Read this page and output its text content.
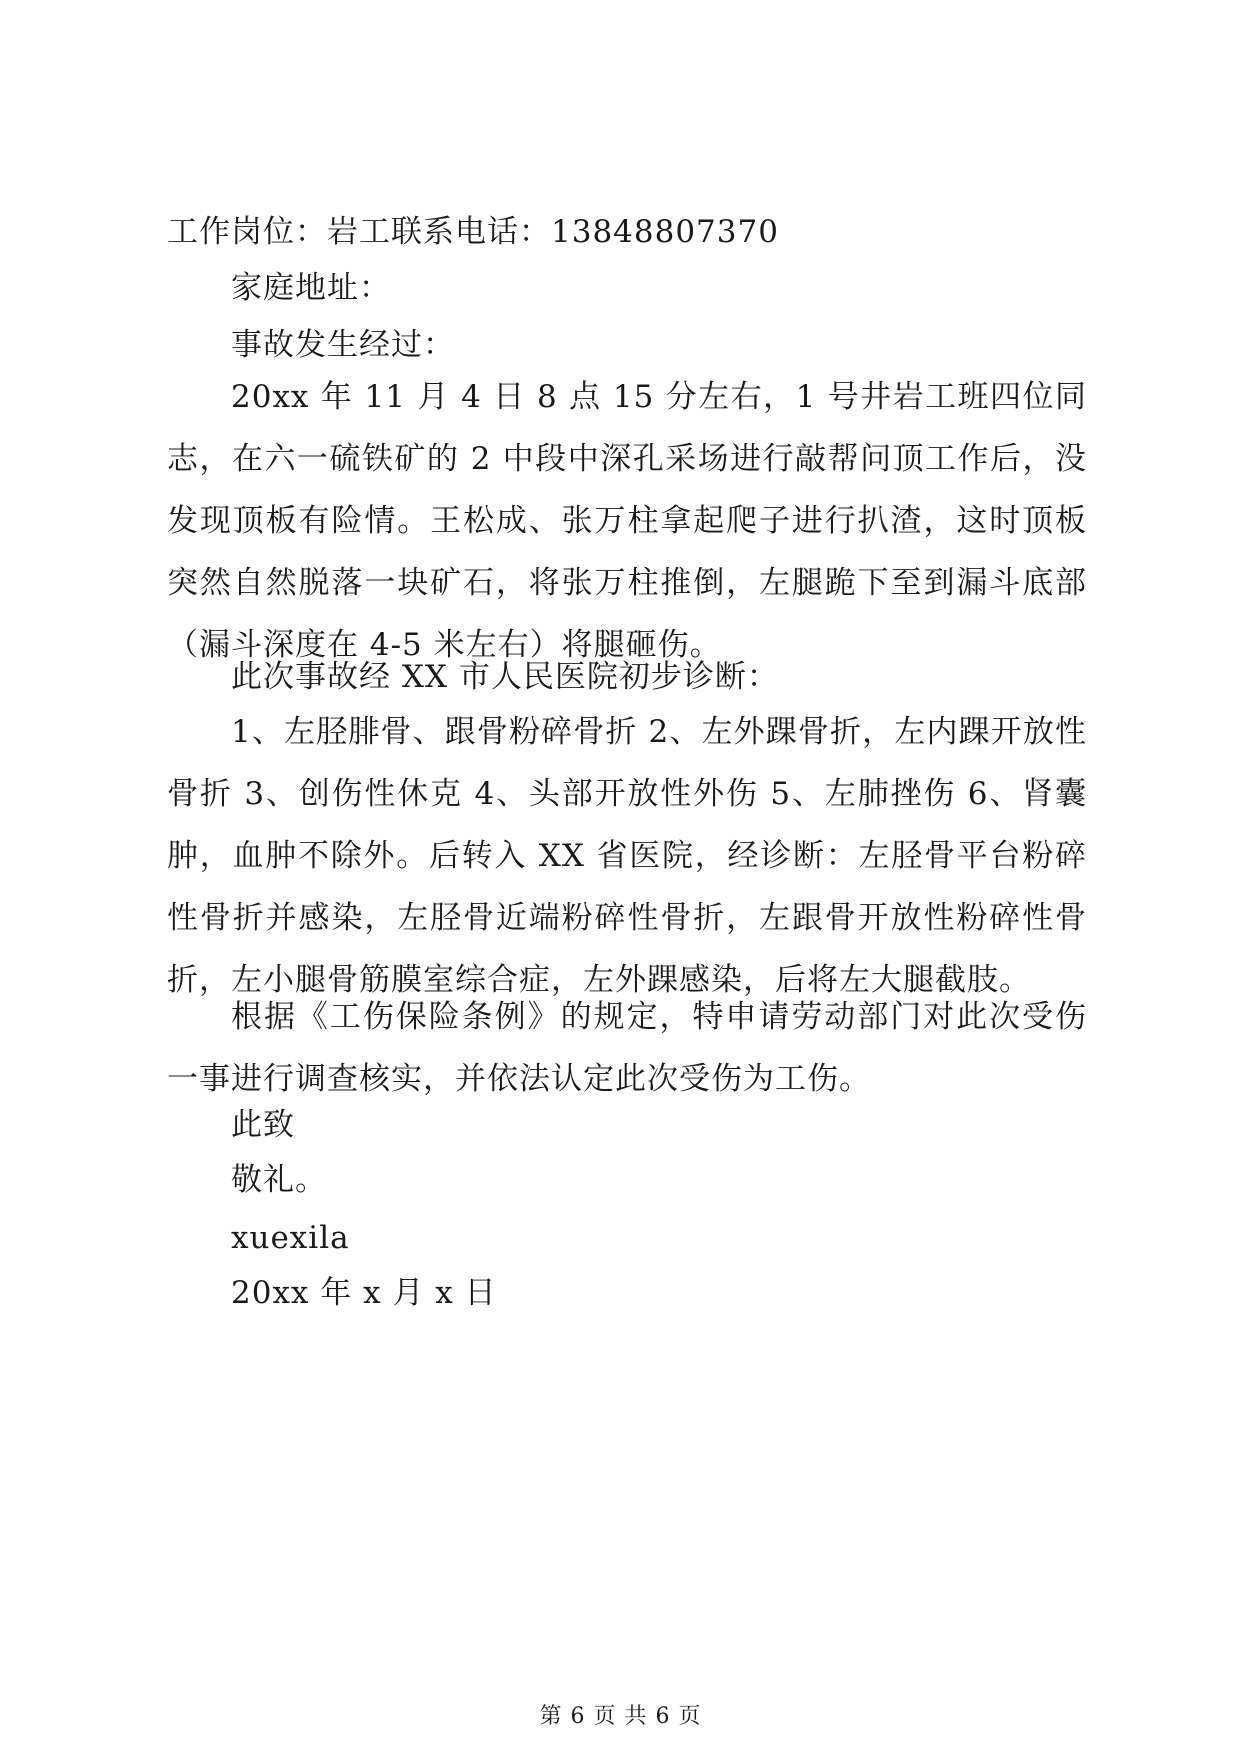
工作岗位：岩工联系电话：13848807370
家庭地址：
事故发生经过：
20xx 年 11 月 4 日 8 点 15 分左右，1 号井岩工班四位同志，在六一硫铁矿的 2 中段中深孔采场进行敲帮问顶工作后，没发现顶板有险情。王松成、张万柱拿起爬子进行扒渣，这时顶板突然自然脱落一块矿石，将张万柱推倒，左腿跪下至到漏斗底部（漏斗深度在 4-5 米左右）将腿砸伤。
此次事故经 XX 市人民医院初步诊断：
1、左胫腓骨、跟骨粉碎骨折 2、左外踝骨折，左内踝开放性骨折 3、创伤性休克 4、头部开放性外伤 5、左肺挫伤 6、肾囊肿，血肿不除外。后转入 XX 省医院，经诊断：左胫骨平台粉碎性骨折并感染，左胫骨近端粉碎性骨折，左跟骨开放性粉碎性骨折，左小腿骨筋膜室综合症，左外踝感染，后将左大腿截肢。
根据《工伤保险条例》的规定，特申请劳动部门对此次受伤一事进行调查核实，并依法认定此次受伤为工伤。
此致
敬礼。
xuexila
20xx 年 x 月 x 日
第 6 页 共 6 页
